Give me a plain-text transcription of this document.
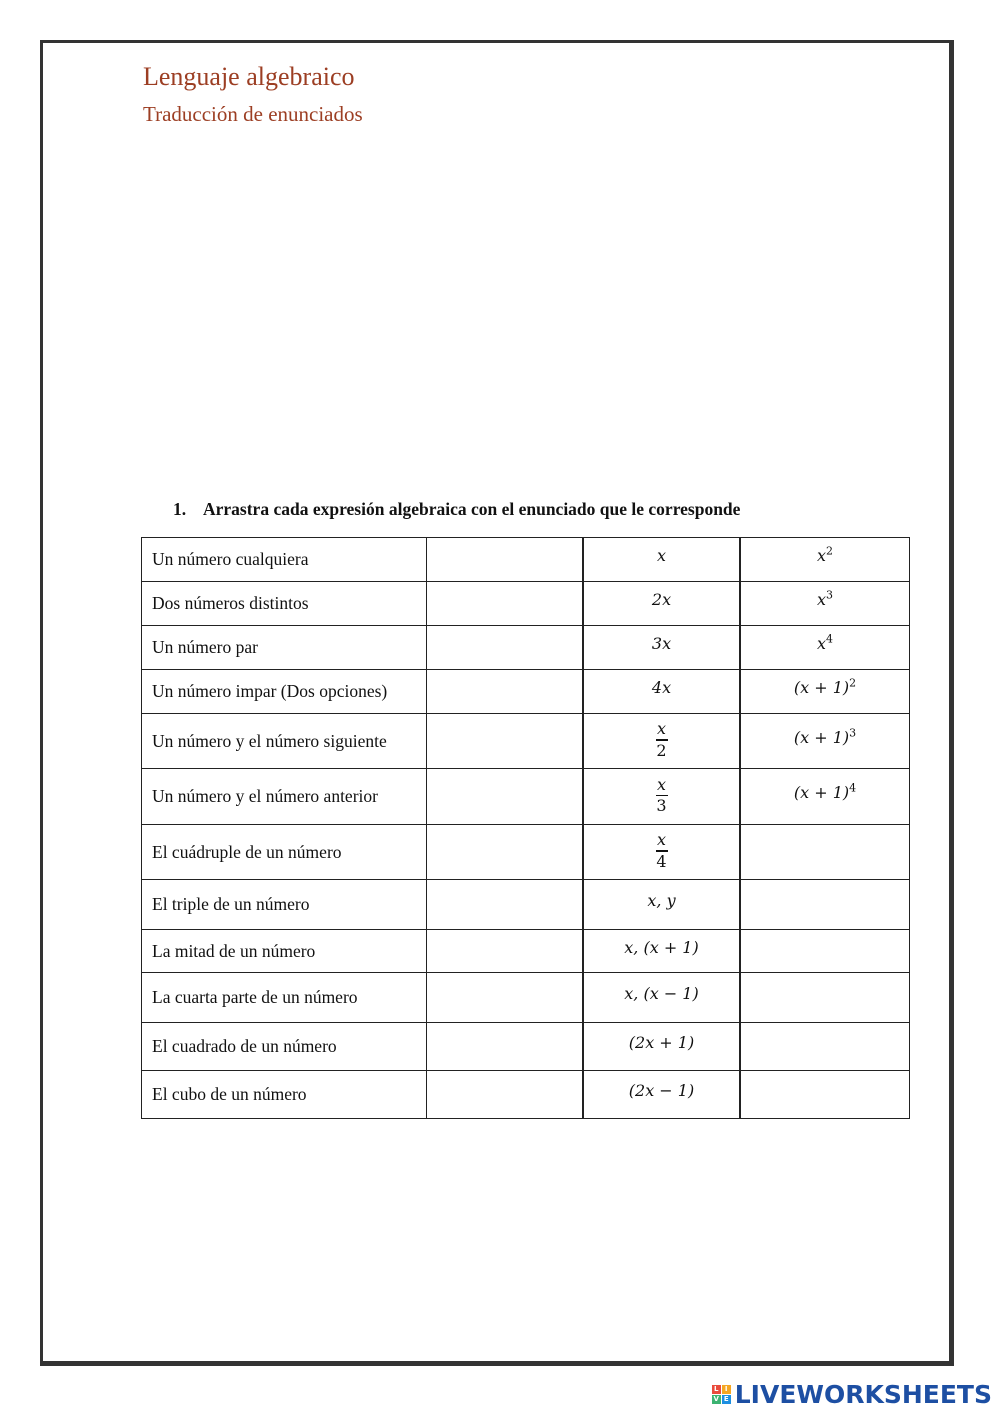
Lenguaje algebraico
Traducción de enunciados
1. Arrastra cada expresión algebraica con el enunciado que le corresponde
Un número cualquiera		x	$x^2$
Dos números distintos		2x	$x^3$
Un número par		3x	$x^4$
Un número impar (Dos opciones)		4x	$(x + 1)^2$
Un número y el número siguiente		$\frac{x}{2}$	$(x + 1)^3$
Un número y el número anterior		$\frac{x}{3}$	$(x + 1)^4$
El cuádruple de un número		$\frac{x}{4}$

El triple de un número		x, y	
La mitad de un número		x, (x + 1)	
La cuarta parte de un número		x, (x − 1)	
El cuadrado de un número		(2x + 1)	
El cubo de un número		(2x − 1)	
L I
V E LIVEWORKSHEETS
